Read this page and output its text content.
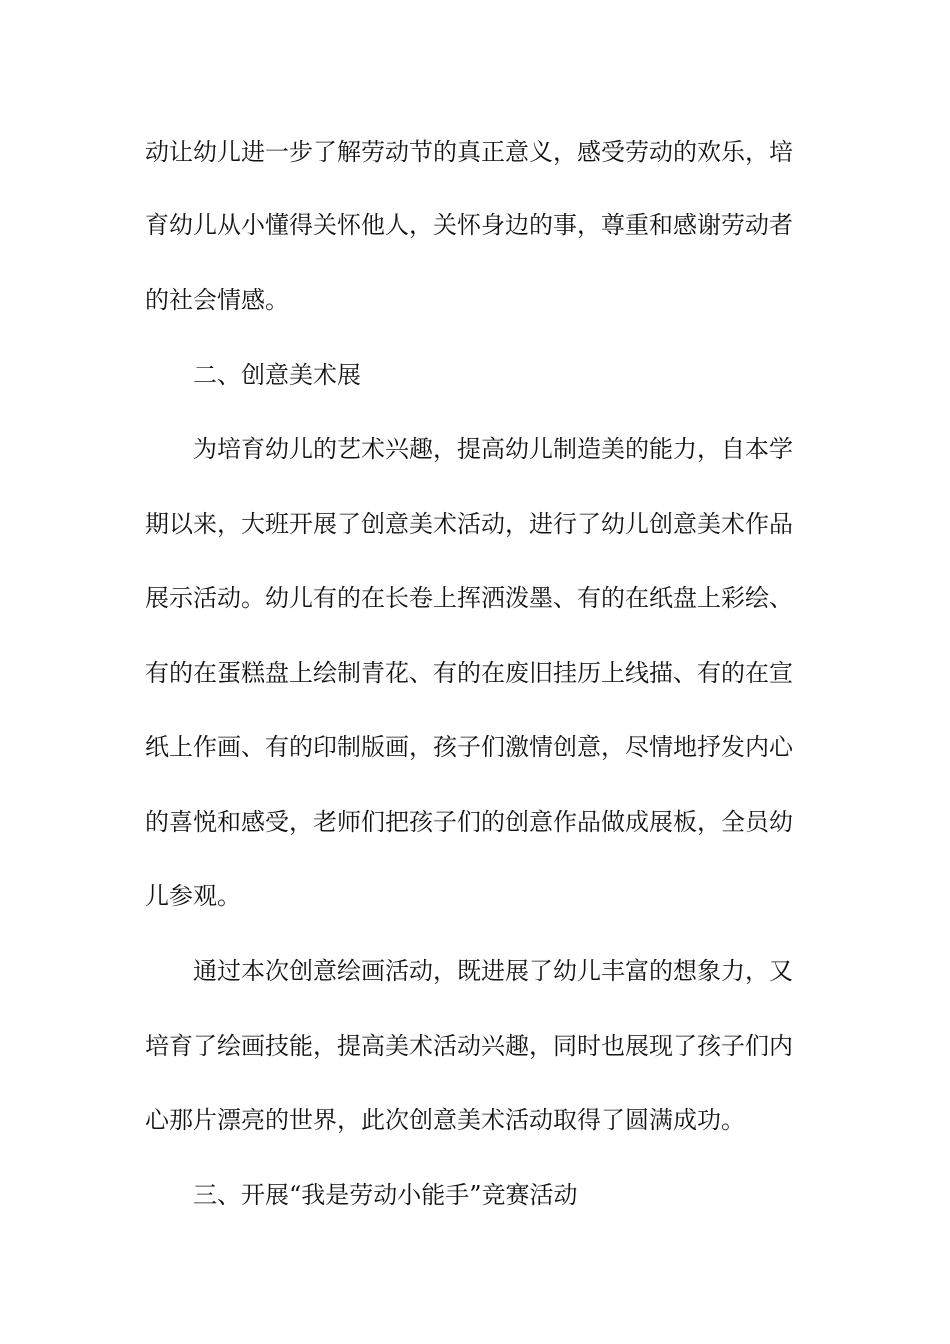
动让幼儿进一步了解劳动节的真正意义，感受劳动的欢乐，培

育幼儿从小懂得关怀他人，关怀身边的事，尊重和感谢劳动者

的社会情感。

二、创意美术展

为培育幼儿的艺术兴趣，提高幼儿制造美的能力，自本学

期以来，大班开展了创意美术活动，进行了幼儿创意美术作品

展示活动。幼儿有的在长卷上挥洒泼墨、有的在纸盘上彩绘、

有的在蛋糕盘上绘制青花、有的在废旧挂历上线描、有的在宣

纸上作画、有的印制版画，孩子们激情创意，尽情地抒发内心

的喜悦和感受，老师们把孩子们的创意作品做成展板，全员幼

儿参观。

通过本次创意绘画活动，既进展了幼儿丰富的想象力，又

培育了绘画技能，提高美术活动兴趣，同时也展现了孩子们内

心那片漂亮的世界，此次创意美术活动取得了圆满成功。

三、开展“我是劳动小能手”竞赛活动
